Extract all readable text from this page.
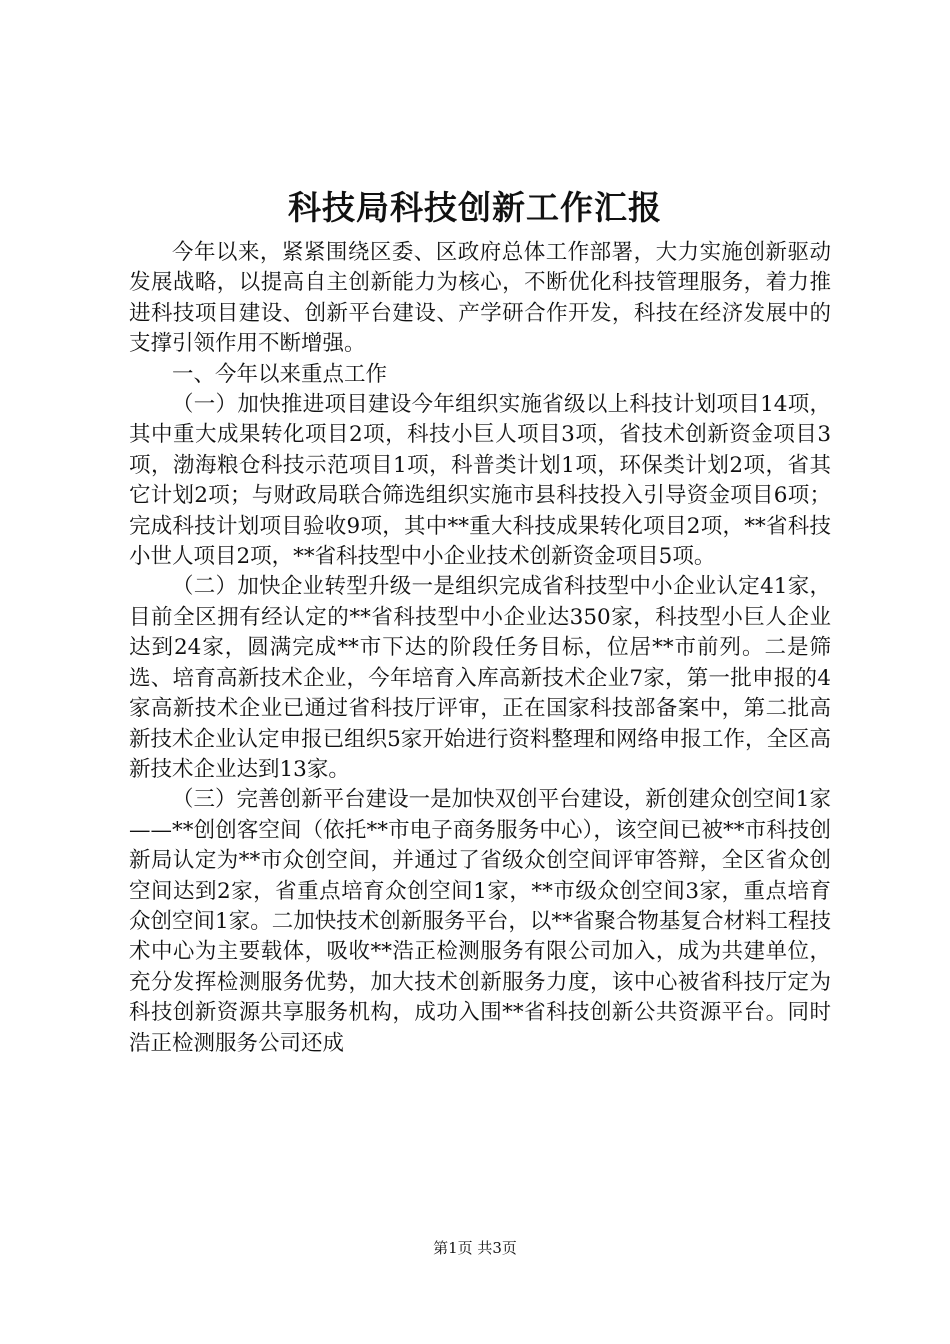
科技局科技创新工作汇报

今年以来，紧紧围绕区委、区政府总体工作部署，大力实施创新驱动发展战略，以提高自主创新能力为核心，不断优化科技管理服务，着力推进科技项目建设、创新平台建设、产学研合作开发，科技在经济发展中的支撑引领作用不断增强。

一、今年以来重点工作

（一）加快推进项目建设今年组织实施省级以上科技计划项目14项，其中重大成果转化项目2项，科技小巨人项目3项，省技术创新资金项目3项，渤海粮仓科技示范项目1项，科普类计划1项，环保类计划2项，省其它计划2项；与财政局联合筛选组织实施市县科技投入引导资金项目6项；完成科技计划项目验收9项，其中**重大科技成果转化项目2项，**省科技小世人项目2项，**省科技型中小企业技术创新资金项目5项。

（二）加快企业转型升级一是组织完成省科技型中小企业认定41家，目前全区拥有经认定的**省科技型中小企业达350家，科技型小巨人企业达到24家，圆满完成**市下达的阶段任务目标，位居**市前列。二是筛选、培育高新技术企业，今年培育入库高新技术企业7家，第一批申报的4家高新技术企业已通过省科技厅评审，正在国家科技部备案中，第二批高新技术企业认定申报已组织5家开始进行资料整理和网络申报工作，全区高新技术企业达到13家。

（三）完善创新平台建设一是加快双创平台建设，新创建众创空间1家——**创创客空间（依托**市电子商务服务中心），该空间已被**市科技创新局认定为**市众创空间，并通过了省级众创空间评审答辩，全区省众创空间达到2家，省重点培育众创空间1家，**市级众创空间3家，重点培育众创空间1家。二加快技术创新服务平台，以**省聚合物基复合材料工程技术中心为主要载体，吸收**浩正检测服务有限公司加入，成为共建单位，充分发挥检测服务优势，加大技术创新服务力度，该中心被省科技厅定为科技创新资源共享服务机构，成功入围**省科技创新公共资源平台。同时浩正检测服务公司还成

第1页 共3页
